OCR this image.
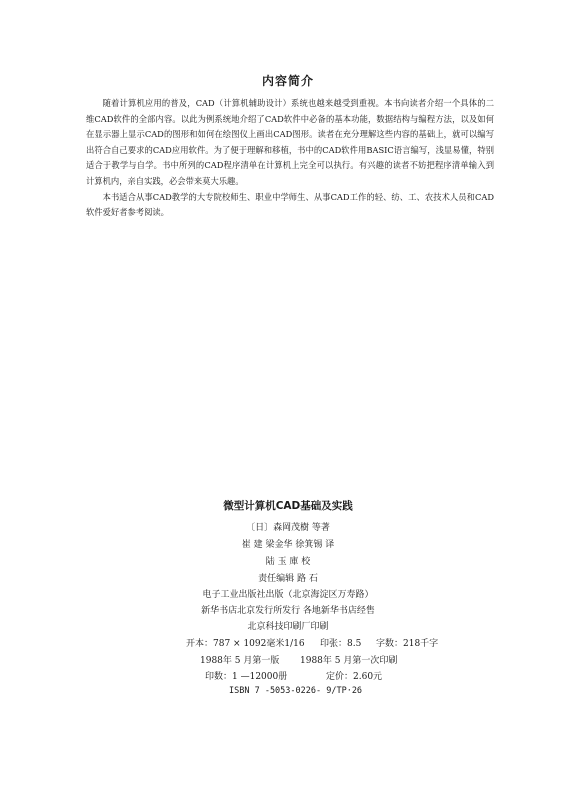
内容简介

随着计算机应用的普及，CAD（计算机辅助设计）系统也越来越受到重视。本书向读者介绍一个具体的二维CAD软件的全部内容。以此为例系统地介绍了CAD软件中必备的基本功能，数据结构与编程方法，以及如何在显示器上显示CAD的图形和如何在绘图仪上画出CAD图形。读者在充分理解这些内容的基础上，就可以编写出符合自己要求的CAD应用软件。为了便于理解和移植，书中的CAD软件用BASIC语言编写，浅显易懂，特别适合于教学与自学。书中所列的CAD程序清单在计算机上完全可以执行。有兴趣的读者不妨把程序清单输入到计算机内，亲自实践，必会带来莫大乐趣。

本书适合从事CAD教学的大专院校师生、职业中学师生、从事CAD工作的轻、纺、工、农技术人员和CAD软件爱好者参考阅读。

微型计算机CAD基础及实践
〔日〕森岡茂樹 等著
崔 建 梁金华 徐箕锡 译
陆 玉 庫 校
责任编辑 路 石
电子工业出版社出版（北京海淀区万寿路）
新华书店北京发行所发行 各地新华书店经售
北京科技印刷厂印刷
开本：787 × 1092毫米1/16 印张：8.5 字数：218千字
1988年 5 月第一版 1988年 5 月第一次印刷
印数：1 —12000册	定价：2.60元
ISBN 7 -5053-0226- 9/TP·26
